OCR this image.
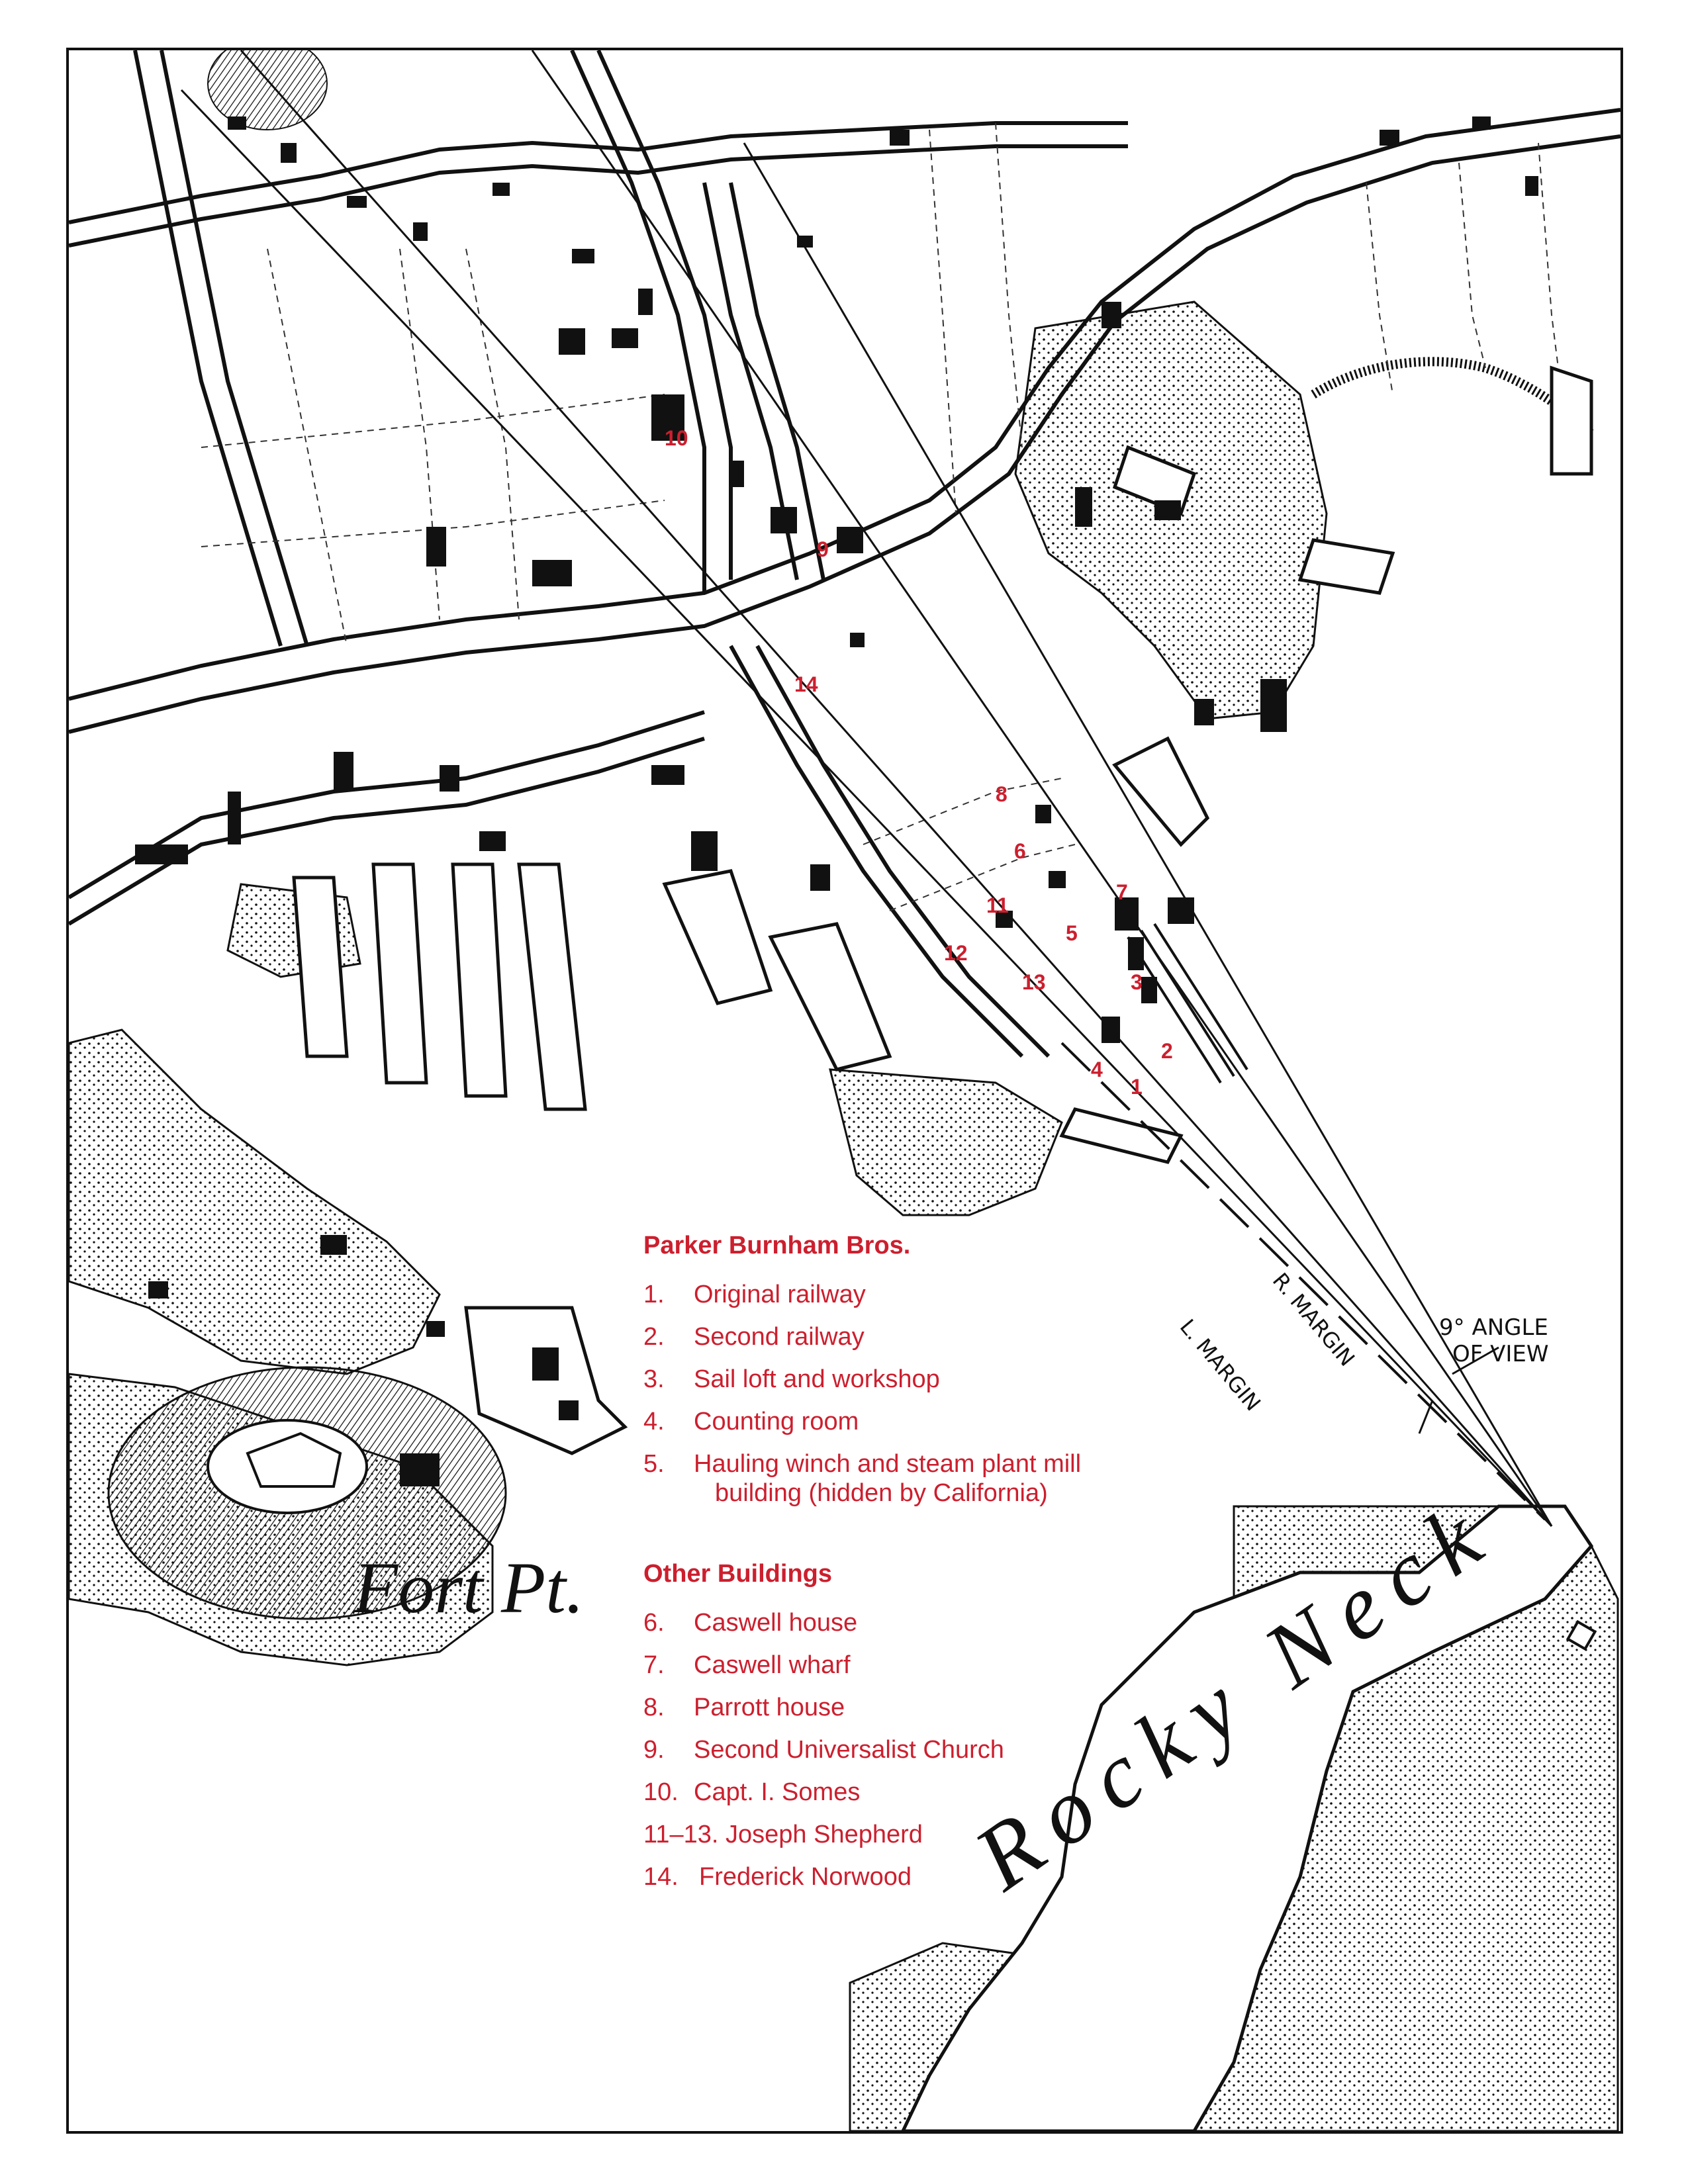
Fort Pt.	Rocky Neck
R. MARGIN
L. MARGIN	9° ANGLE
OF VIEW
10
9
14
8
6
7
11
5
12
13	3
2
4
1
Parker Burnham Bros.
1.	Original railway
2.	Second railway
3.	Sail loft and workshop
4.	Counting room
5.	Hauling winch and steam plant mill
building (hidden by California)
Other Buildings
6.	Caswell house
7.	Caswell wharf
8.	Parrott house
9.	Second Universalist Church
10. Capt. I. Somes
11–13. Joseph Shepherd
14. Frederick Norwood
